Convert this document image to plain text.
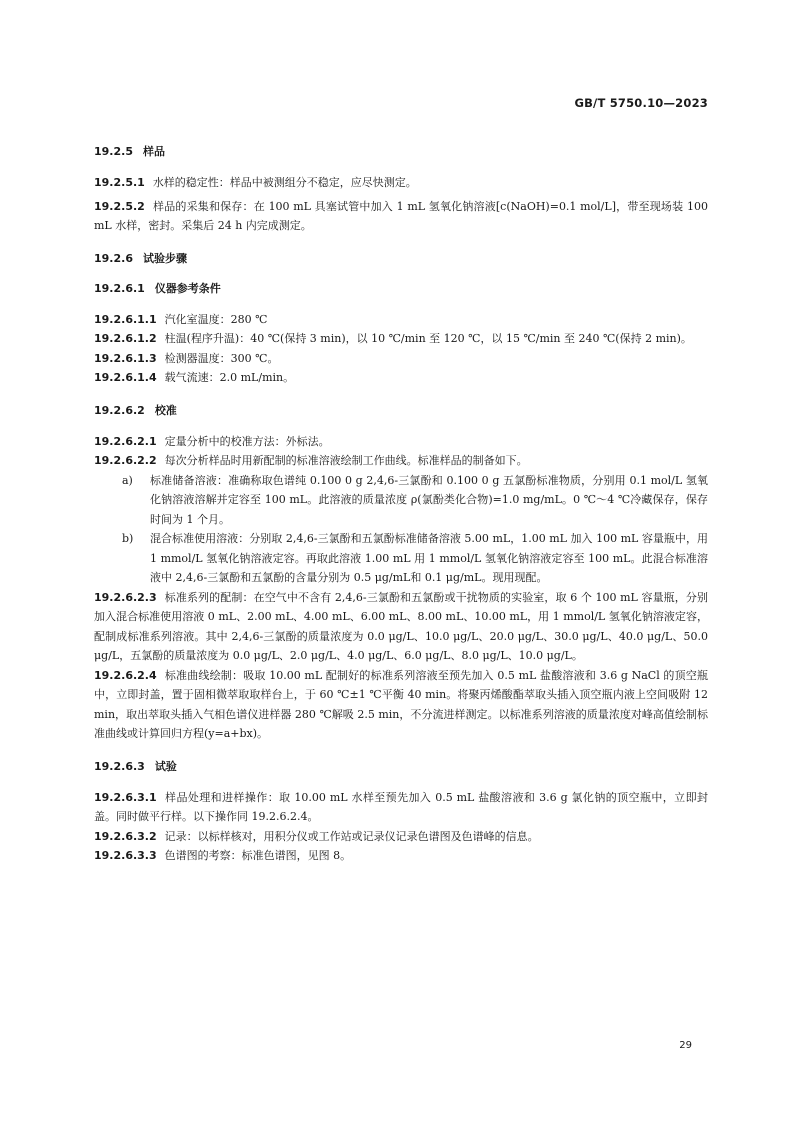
GB/T 5750.10—2023
19.2.5 样品
19.2.5.1 水样的稳定性：样品中被测组分不稳定，应尽快测定。
19.2.5.2 样品的采集和保存：在 100 mL 具塞试管中加入 1 mL 氢氧化钠溶液[c(NaOH)=0.1 mol/L]，带至现场装 100 mL 水样，密封。采集后 24 h 内完成测定。
19.2.6 试验步骤
19.2.6.1 仪器参考条件
19.2.6.1.1 汽化室温度：280 ℃
19.2.6.1.2 柱温(程序升温)：40 ℃(保持 3 min)，以 10 ℃/min 至 120 ℃，以 15 ℃/min 至 240 ℃(保持 2 min)。
19.2.6.1.3 检测器温度：300 ℃。
19.2.6.1.4 载气流速：2.0 mL/min。
19.2.6.2 校准
19.2.6.2.1 定量分析中的校准方法：外标法。
19.2.6.2.2 每次分析样品时用新配制的标准溶液绘制工作曲线。标准样品的制备如下。
a) 标准储备溶液：准确称取色谱纯 0.100 0 g 2,4,6-三氯酚和 0.100 0 g 五氯酚标准物质，分别用 0.1 mol/L 氢氧化钠溶液溶解并定容至 100 mL。此溶液的质量浓度 ρ(氯酚类化合物)=1.0 mg/mL。0 ℃～4 ℃冷藏保存，保存时间为 1 个月。
b) 混合标准使用溶液：分别取 2,4,6-三氯酚和五氯酚标准储备溶液 5.00 mL，1.00 mL 加入 100 mL 容量瓶中，用 1 mmol/L 氢氧化钠溶液定容。再取此溶液 1.00 mL 用 1 mmol/L 氢氧化钠溶液定容至 100 mL。此混合标准溶液中 2,4,6-三氯酚和五氯酚的含量分别为 0.5 μg/mL和 0.1 μg/mL。现用现配。
19.2.6.2.3 标准系列的配制：在空气中不含有 2,4,6-三氯酚和五氯酚或干扰物质的实验室，取 6 个 100 mL 容量瓶，分别加入混合标准使用溶液 0 mL、2.00 mL、4.00 mL、6.00 mL、8.00 mL、10.00 mL，用 1 mmol/L 氢氧化钠溶液定容，配制成标准系列溶液。其中 2,4,6-三氯酚的质量浓度为 0.0 μg/L、10.0 μg/L、20.0 μg/L、30.0 μg/L、40.0 μg/L、50.0 μg/L，五氯酚的质量浓度为 0.0 μg/L、2.0 μg/L、4.0 μg/L、6.0 μg/L、8.0 μg/L、10.0 μg/L。
19.2.6.2.4 标准曲线绘制：吸取 10.00 mL 配制好的标准系列溶液至预先加入 0.5 mL 盐酸溶液和 3.6 g NaCl 的顶空瓶中，立即封盖，置于固相微萃取取样台上，于 60 ℃±1 ℃平衡 40 min。将聚丙烯酸酯萃取头插入顶空瓶内液上空间吸附 12 min，取出萃取头插入气相色谱仪进样器 280 ℃解吸 2.5 min，不分流进样测定。以标准系列溶液的质量浓度对峰高值绘制标准曲线或计算回归方程(y=a+bx)。
19.2.6.3 试验
19.2.6.3.1 样品处理和进样操作：取 10.00 mL 水样至预先加入 0.5 mL 盐酸溶液和 3.6 g 氯化钠的顶空瓶中，立即封盖。同时做平行样。以下操作同 19.2.6.2.4。
19.2.6.3.2 记录：以标样核对，用积分仪或工作站或记录仪记录色谱图及色谱峰的信息。
19.2.6.3.3 色谱图的考察：标准色谱图，见图 8。
29
